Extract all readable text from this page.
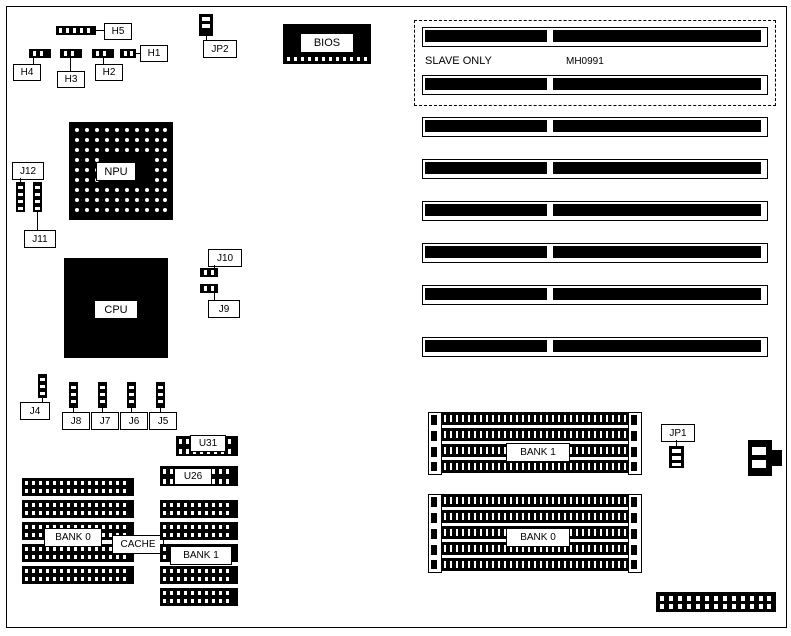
H5
H1
H4
H3
H2
JP2	BIOS
SLAVE ONLY	MH0991
NPU
J12
J11
CPU
J10
J9
J4
J8 J7 J6 J5
U31
U26
BANK 0
CACHE
BANK 1
BANK 1
BANK 0
JP1
